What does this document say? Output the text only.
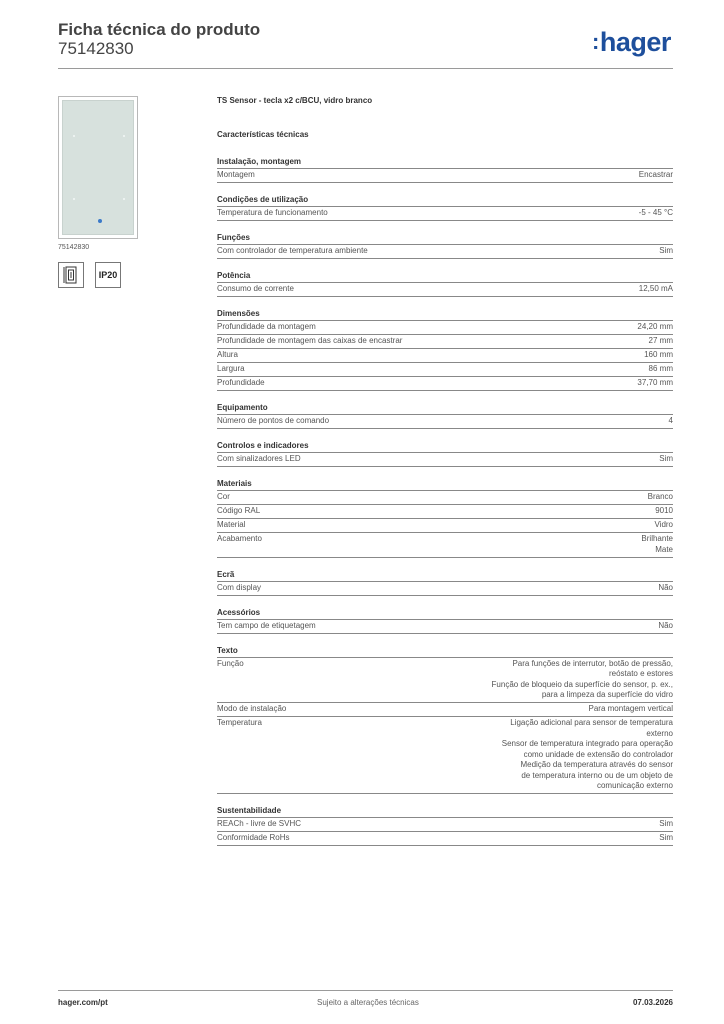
Ficha técnica do produto
75142830	:hager
75142830
IP20
TS Sensor - tecla x2 c/BCU, vidro branco
Características técnicas
Instalação, montagem
Montagem	Encastrar
Condições de utilização
Temperatura de funcionamento	-5 - 45 °C
Funções
Com controlador de temperatura ambiente	Sim
Potência
Consumo de corrente	12,50 mA
Dimensões
Profundidade da montagem	24,20 mm
Profundidade de montagem das caixas de encastrar	27 mm
Altura	160 mm
Largura	86 mm
Profundidade	37,70 mm
Equipamento
Número de pontos de comando	4
Controlos e indicadores
Com sinalizadores LED	Sim
Materiais
Cor	Branco
Código RAL	9010
Material	Vidro
Acabamento	Brilhante
Mate
Ecrã
Com display	Não
Acessórios
Tem campo de etiquetagem	Não
Texto
Função	Para funções de interrutor, botão de pressão,
reóstato e estores
Função de bloqueio da superfície do sensor, p. ex.,
para a limpeza da superfície do vidro
Modo de instalação	Para montagem vertical
Temperatura	Ligação adicional para sensor de temperatura
externo
Sensor de temperatura integrado para operação
como unidade de extensão do controlador
Medição da temperatura através do sensor
de temperatura interno ou de um objeto de
comunicação externo
Sustentabilidade
REACh - livre de SVHC	Sim
Conformidade RoHs	Sim
hager.com/pt	Sujeito a alterações técnicas	07.03.2026
